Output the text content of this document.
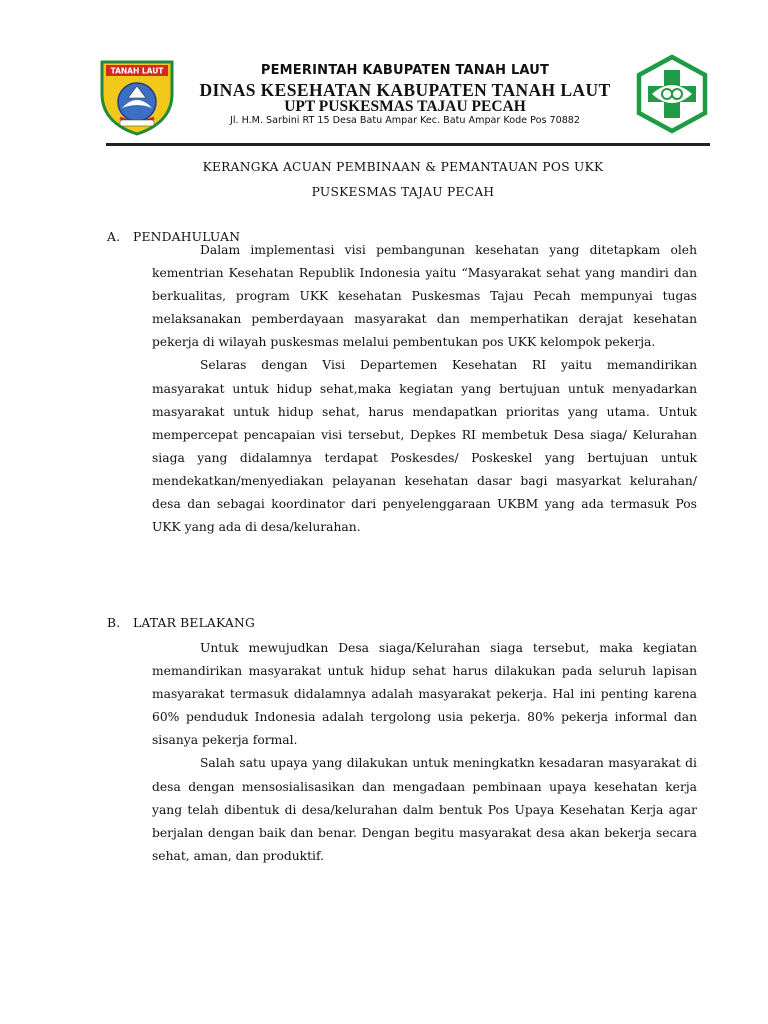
TANAH LAUT	PEMERINTAH KABUPATEN TANAH LAUT
DINAS KESEHATAN KABUPATEN TANAH LAUT
UPT PUSKESMAS TAJAU PECAH
Jl. H.M. Sarbini RT 15 Desa Batu Ampar Kec. Batu Ampar Kode Pos 70882
KERANGKA ACUAN PEMBINAAN & PEMANTAUAN POS UKK
PUSKESMAS TAJAU PECAH
A. PENDAHULUAN

Dalam implementasi visi pembangunan kesehatan yang ditetapkam oleh kementrian Kesehatan Republik Indonesia yaitu “Masyarakat sehat yang mandiri dan berkualitas, program UKK kesehatan Puskesmas Tajau Pecah mempunyai tugas melaksanakan pemberdayaan masyarakat dan memperhatikan derajat kesehatan pekerja di wilayah puskesmas melalui pembentukan pos UKK kelompok pekerja.

Selaras dengan Visi Departemen Kesehatan RI yaitu memandirikan masyarakat untuk hidup sehat,maka kegiatan yang bertujuan untuk menyadarkan masyarakat untuk hidup sehat, harus mendapatkan prioritas yang utama. Untuk mempercepat pencapaian visi tersebut, Depkes RI membetuk Desa siaga/ Kelurahan siaga yang didalamnya terdapat Poskesdes/ Poskeskel yang bertujuan untuk mendekatkan/menyediakan pelayanan kesehatan dasar bagi masyarkat kelurahan/ desa dan sebagai koordinator dari penyelenggaraan UKBM yang ada termasuk Pos UKK yang ada di desa/kelurahan.

B. LATAR BELAKANG

Untuk mewujudkan Desa siaga/Kelurahan siaga tersebut, maka kegiatan memandirikan masyarakat untuk hidup sehat harus dilakukan pada seluruh lapisan masyarakat termasuk didalamnya adalah masyarakat pekerja. Hal ini penting karena 60% penduduk Indonesia adalah tergolong usia pekerja. 80% pekerja informal dan sisanya pekerja formal.

Salah satu upaya yang dilakukan untuk meningkatkn kesadaran masyarakat di desa dengan mensosialisasikan dan mengadaan pembinaan upaya kesehatan kerja yang telah dibentuk di desa/kelurahan dalm bentuk Pos Upaya Kesehatan Kerja agar berjalan dengan baik dan benar. Dengan begitu masyarakat desa akan bekerja secara sehat, aman, dan produktif.
